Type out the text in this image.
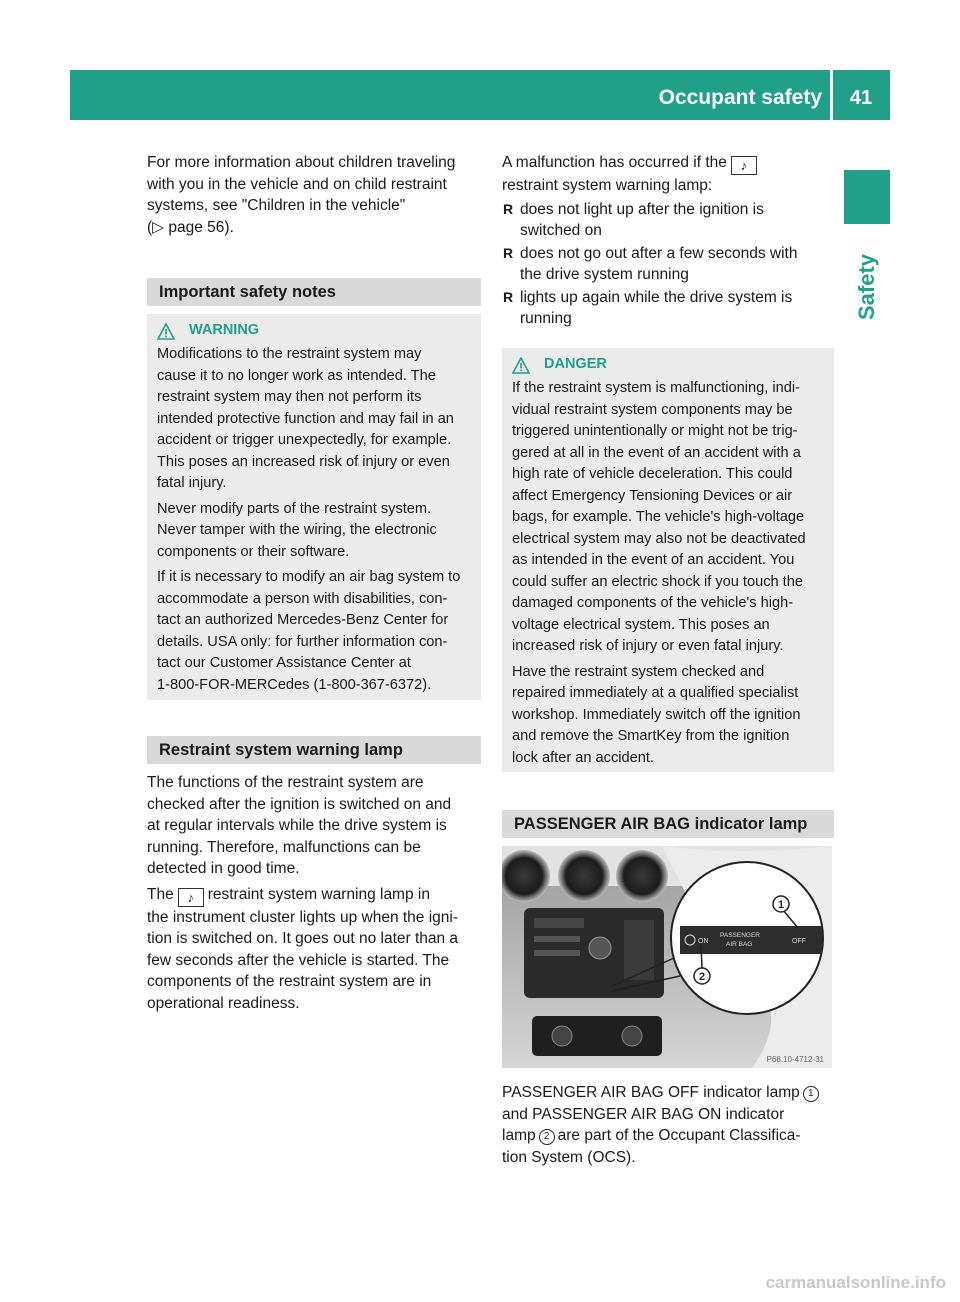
Occupant safety	41
Safety
For more information about children traveling
with you in the vehicle and on child restraint
systems, see "Children in the vehicle"
(▷ page 56).
Important safety notes
WARNING

Modifications to the restraint system may
cause it to no longer work as intended. The
restraint system may then not perform its
intended protective function and may fail in an
accident or trigger unexpectedly, for example.
This poses an increased risk of injury or even
fatal injury.

Never modify parts of the restraint system.
Never tamper with the wiring, the electronic
components or their software.

If it is necessary to modify an air bag system to
accommodate a person with disabilities, con-
tact an authorized Mercedes-Benz Center for
details. USA only: for further information con-
tact our Customer Assistance Center at
1-800-FOR-MERCedes (1-800-367-6372).

Restraint system warning lamp

The functions of the restraint system are
checked after the ignition is switched on and
at regular intervals while the drive system is
running. Therefore, malfunctions can be
detected in good time.

The ♪ restraint system warning lamp in
the instrument cluster lights up when the igni-
tion is switched on. It goes out no later than a
few seconds after the vehicle is started. The
components of the restraint system are in
operational readiness.

A malfunction has occurred if the ♪
restraint system warning lamp:
R does not light up after the ignition is
switched on
R does not go out after a few seconds with
the drive system running
R lights up again while the drive system is
running
DANGER

If the restraint system is malfunctioning, indi-
vidual restraint system components may be
triggered unintentionally or might not be trig-
gered at all in the event of an accident with a
high rate of vehicle deceleration. This could
affect Emergency Tensioning Devices or air
bags, for example. The vehicle's high-voltage
electrical system may also not be deactivated
as intended in the event of an accident. You
could suffer an electric shock if you touch the
damaged components of the vehicle's high-
voltage electrical system. This poses an
increased risk of injury or even fatal injury.

Have the restraint system checked and
repaired immediately at a qualified specialist
workshop. Immediately switch off the ignition
and remove the SmartKey from the ignition
lock after an accident.

PASSENGER AIR BAG indicator lamp
ON
PASSENGER
AIR BAG	OFF
1
2
P68.10-4712-31
PASSENGER AIR BAG OFF indicator lamp 1
and PASSENGER AIR BAG ON indicator
lamp 2 are part of the Occupant Classifica-
tion System (OCS).
carmanualsonline.info
